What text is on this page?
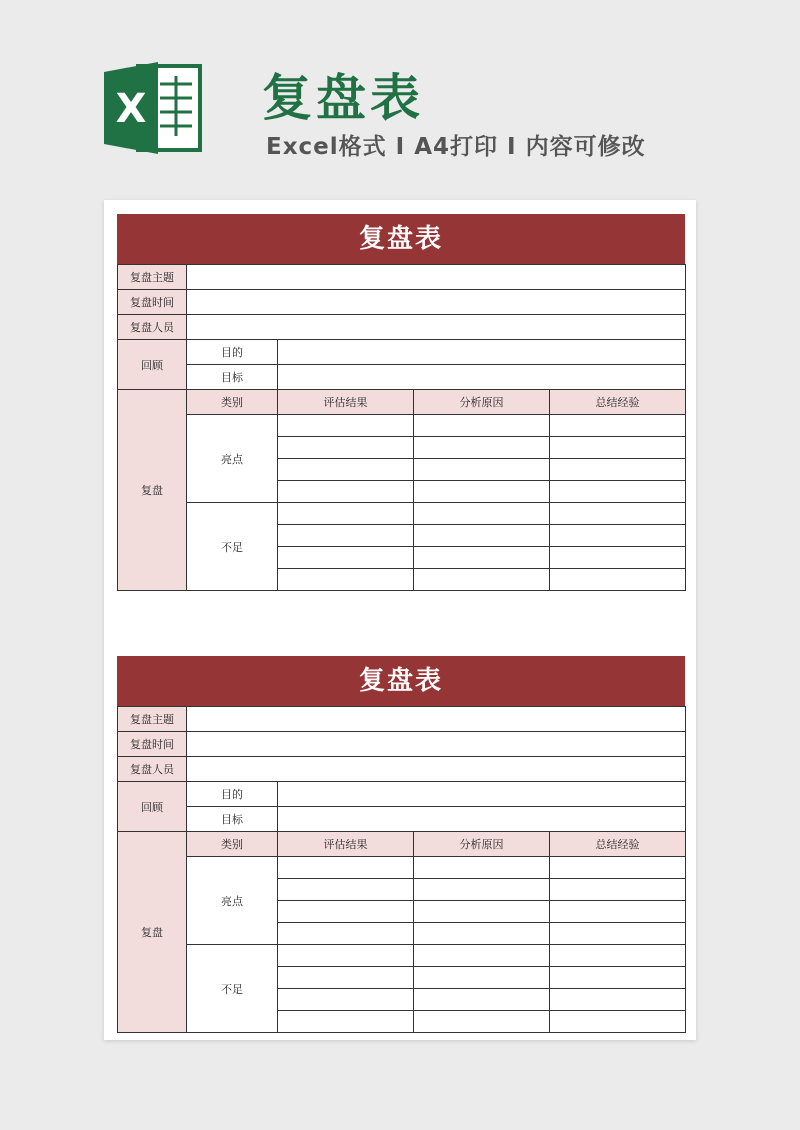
X 复盘表
Excel格式 I A4打印 I 内容可修改
复盘表
复盘主题				
复盘时间				
复盘人员				
回顾	目的			
	目标			
复盘	类别	评估结果	分析原因	总结经验
	亮点			

	不足			

复盘表
复盘主题				
复盘时间				
复盘人员				
回顾	目的			
	目标			
复盘	类别	评估结果	分析原因	总结经验
	亮点			

	不足			
